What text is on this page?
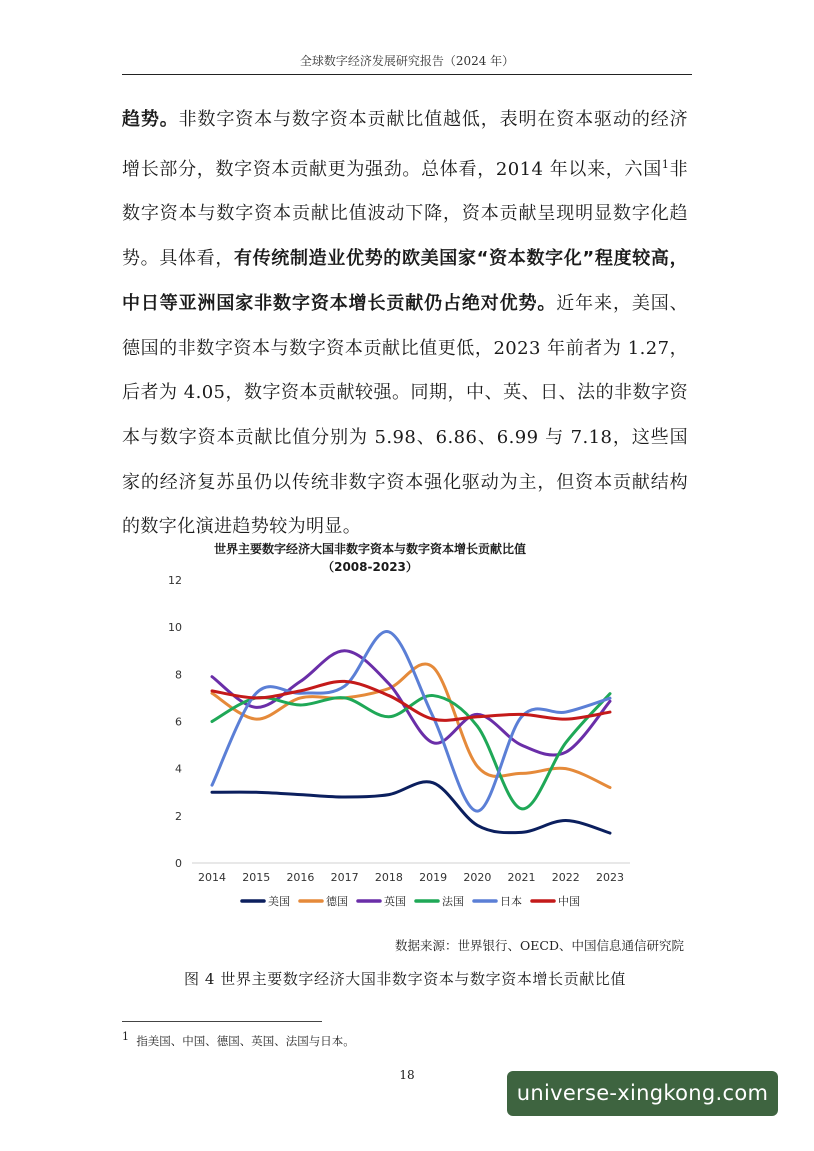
全球数字经济发展研究报告（2024 年）
趋势。非数字资本与数字资本贡献比值越低，表明在资本驱动的经济增长部分，数字资本贡献更为强劲。总体看，2014 年以来，六国$^1$非数字资本与数字资本贡献比值波动下降，资本贡献呈现明显数字化趋势。具体看，有传统制造业优势的欧美国家“资本数字化”程度较高，中日等亚洲国家非数字资本增长贡献仍占绝对优势。近年来，美国、德国的非数字资本与数字资本贡献比值更低，2023 年前者为 1.27，后者为 4.05，数字资本贡献较强。同期，中、英、日、法的非数字资本与数字资本贡献比值分别为 5.98、6.86、6.99 与 7.18，这些国家的经济复苏虽仍以传统非数字资本强化驱动为主，但资本贡献结构的数字化演进趋势较为明显。
世界主要数字经济大国非数字资本与数字资本增长贡献比值
（2008-2023）
0
2
4
6
8
10
12
2014 2015 2016 2017 2018 2019 2020 2021 2022 2023
美国	德国	英国	法国	日本	中国
数据来源：世界银行、OECD、中国信息通信研究院
图 4 世界主要数字经济大国非数字资本与数字资本增长贡献比值
$^1$ 指美国、中国、德国、英国、法国与日本。
18
universe-xingkong.com
